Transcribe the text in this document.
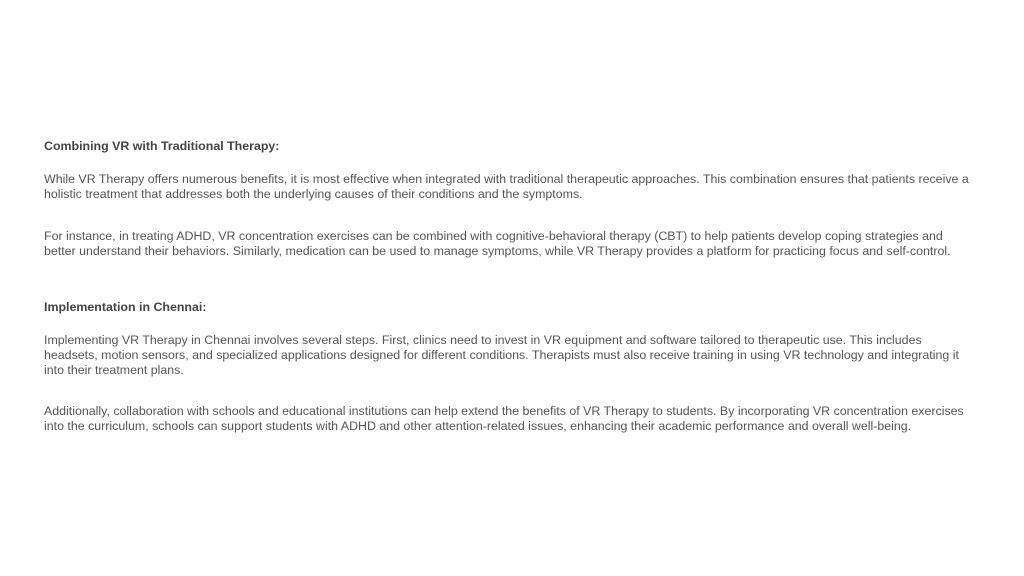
Combining VR with Traditional Therapy:

While VR Therapy offers numerous benefits, it is most effective when integrated with traditional therapeutic approaches. This combination ensures that patients receive a holistic treatment that addresses both the underlying causes of their conditions and the symptoms.

For instance, in treating ADHD, VR concentration exercises can be combined with cognitive-behavioral therapy (CBT) to help patients develop coping strategies and better understand their behaviors. Similarly, medication can be used to manage symptoms, while VR Therapy provides a platform for practicing focus and self-control.

Implementation in Chennai:

Implementing VR Therapy in Chennai involves several steps. First, clinics need to invest in VR equipment and software tailored to therapeutic use. This includes headsets, motion sensors, and specialized applications designed for different conditions. Therapists must also receive training in using VR technology and integrating it into their treatment plans.

Additionally, collaboration with schools and educational institutions can help extend the benefits of VR Therapy to students. By incorporating VR concentration exercises into the curriculum, schools can support students with ADHD and other attention-related issues, enhancing their academic performance and overall well-being.
